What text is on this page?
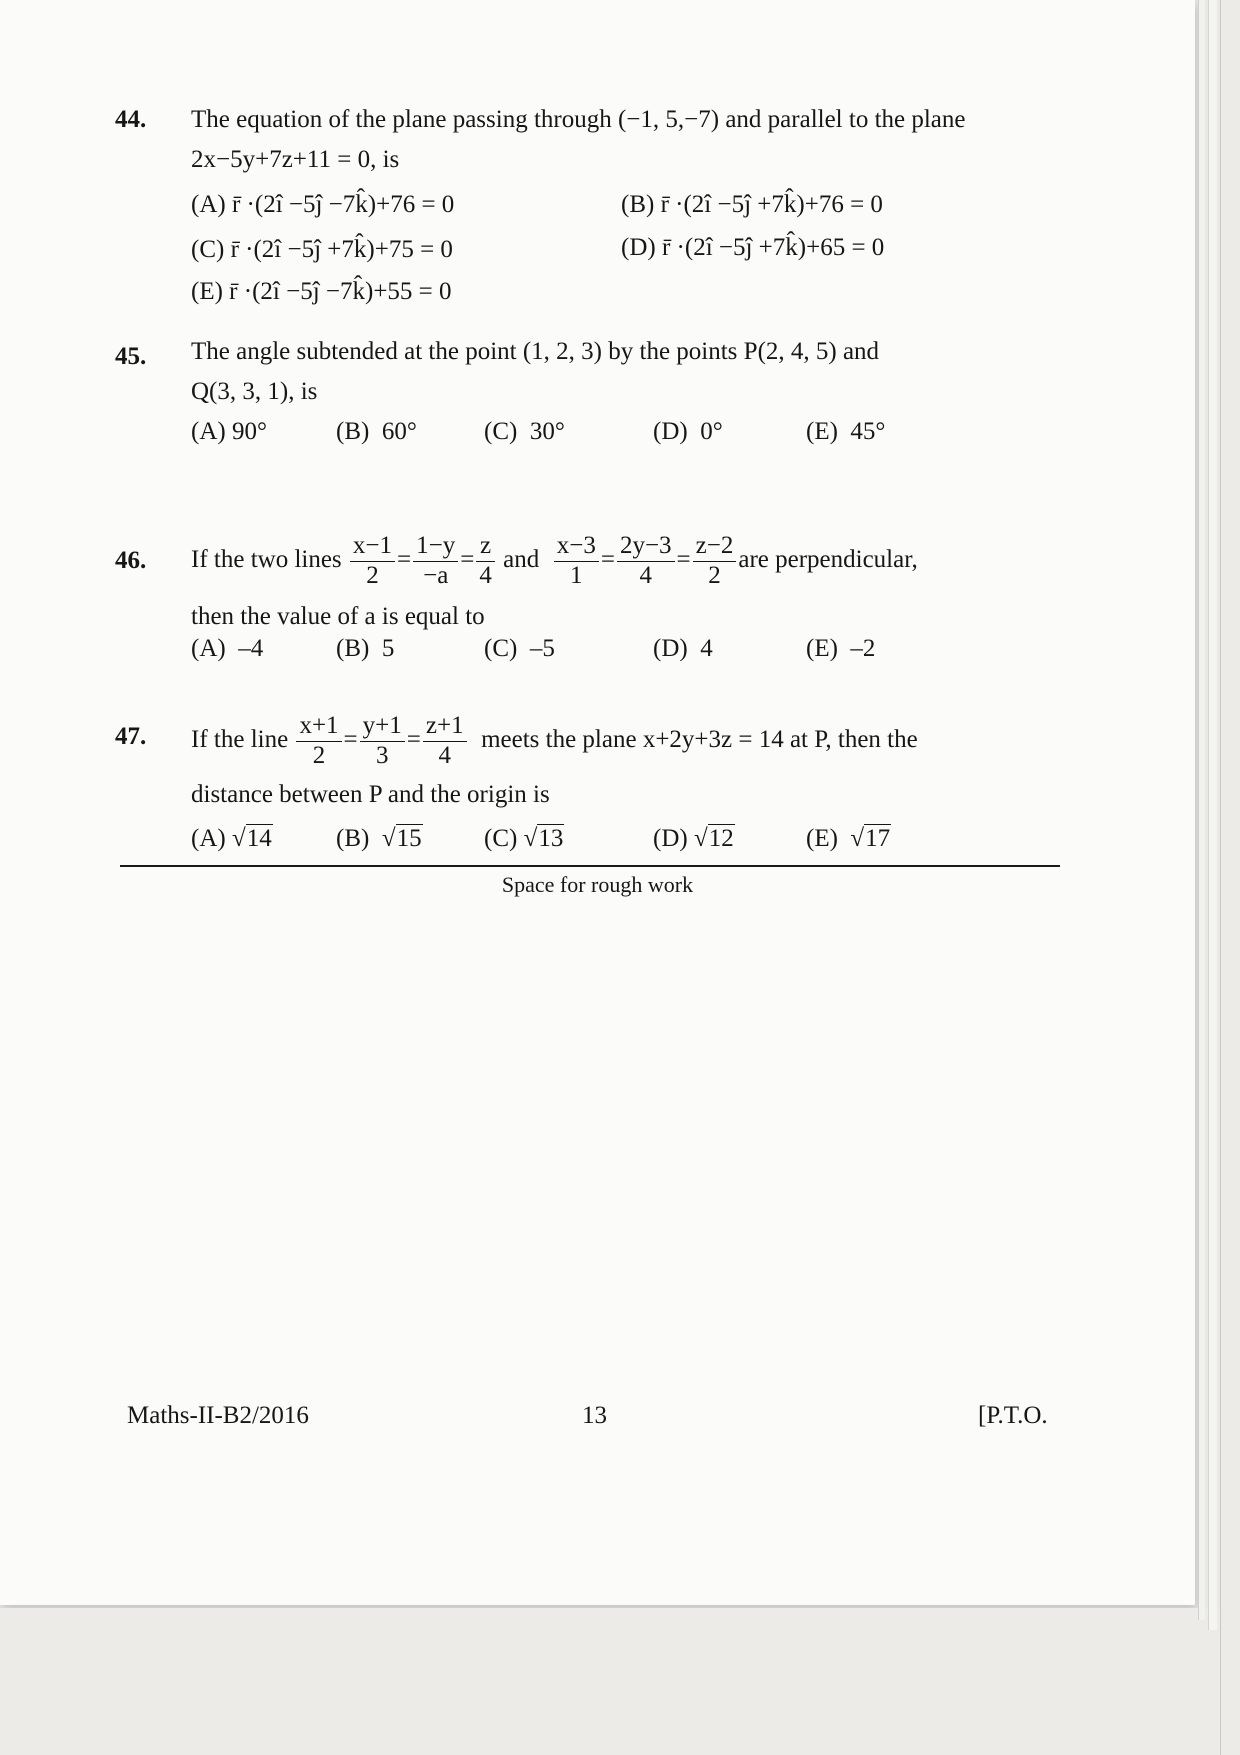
44. The equation of the plane passing through (−1, 5,−7) and parallel to the plane
2x−5y+7z+11 = 0, is
(A) r̄ ·(2î −5ĵ −7k̂)+76 = 0	(B) r̄ ·(2î −5ĵ +7k̂)+76 = 0
(C) r̄ ·(2î −5ĵ +7k̂)+75 = 0	(D) r̄ ·(2î −5ĵ +7k̂)+65 = 0
(E) r̄ ·(2î −5ĵ −7k̂)+55 = 0
45. The angle subtended at the point (1, 2, 3) by the points P(2, 4, 5) and
Q(3, 3, 1), is
(A) 90°	(B) 60°	(C) 30°	(D) 0°	(E) 45°
46. If the two lines $\frac{x-1}{2} = \frac{1-y}{-a} = \frac{z}{4}$ and $\frac{x-3}{1} = \frac{2y-3}{4} = \frac{z-2}{2}$ are perpendicular,
then the value of a is equal to
(A) –4	(B) 5	(C) –5	(D) 4	(E) –2
47. If the line $\frac{x+1}{2} = \frac{y+1}{3} = \frac{z+1}{4}$ meets the plane x+2y+3z = 14 at P, then the
distance between P and the origin is
(A) √14	(B) √15 (C) √13	(D) √12	(E) √17
Space for rough work
Maths-II-B2/2016	13	[P.T.O.
